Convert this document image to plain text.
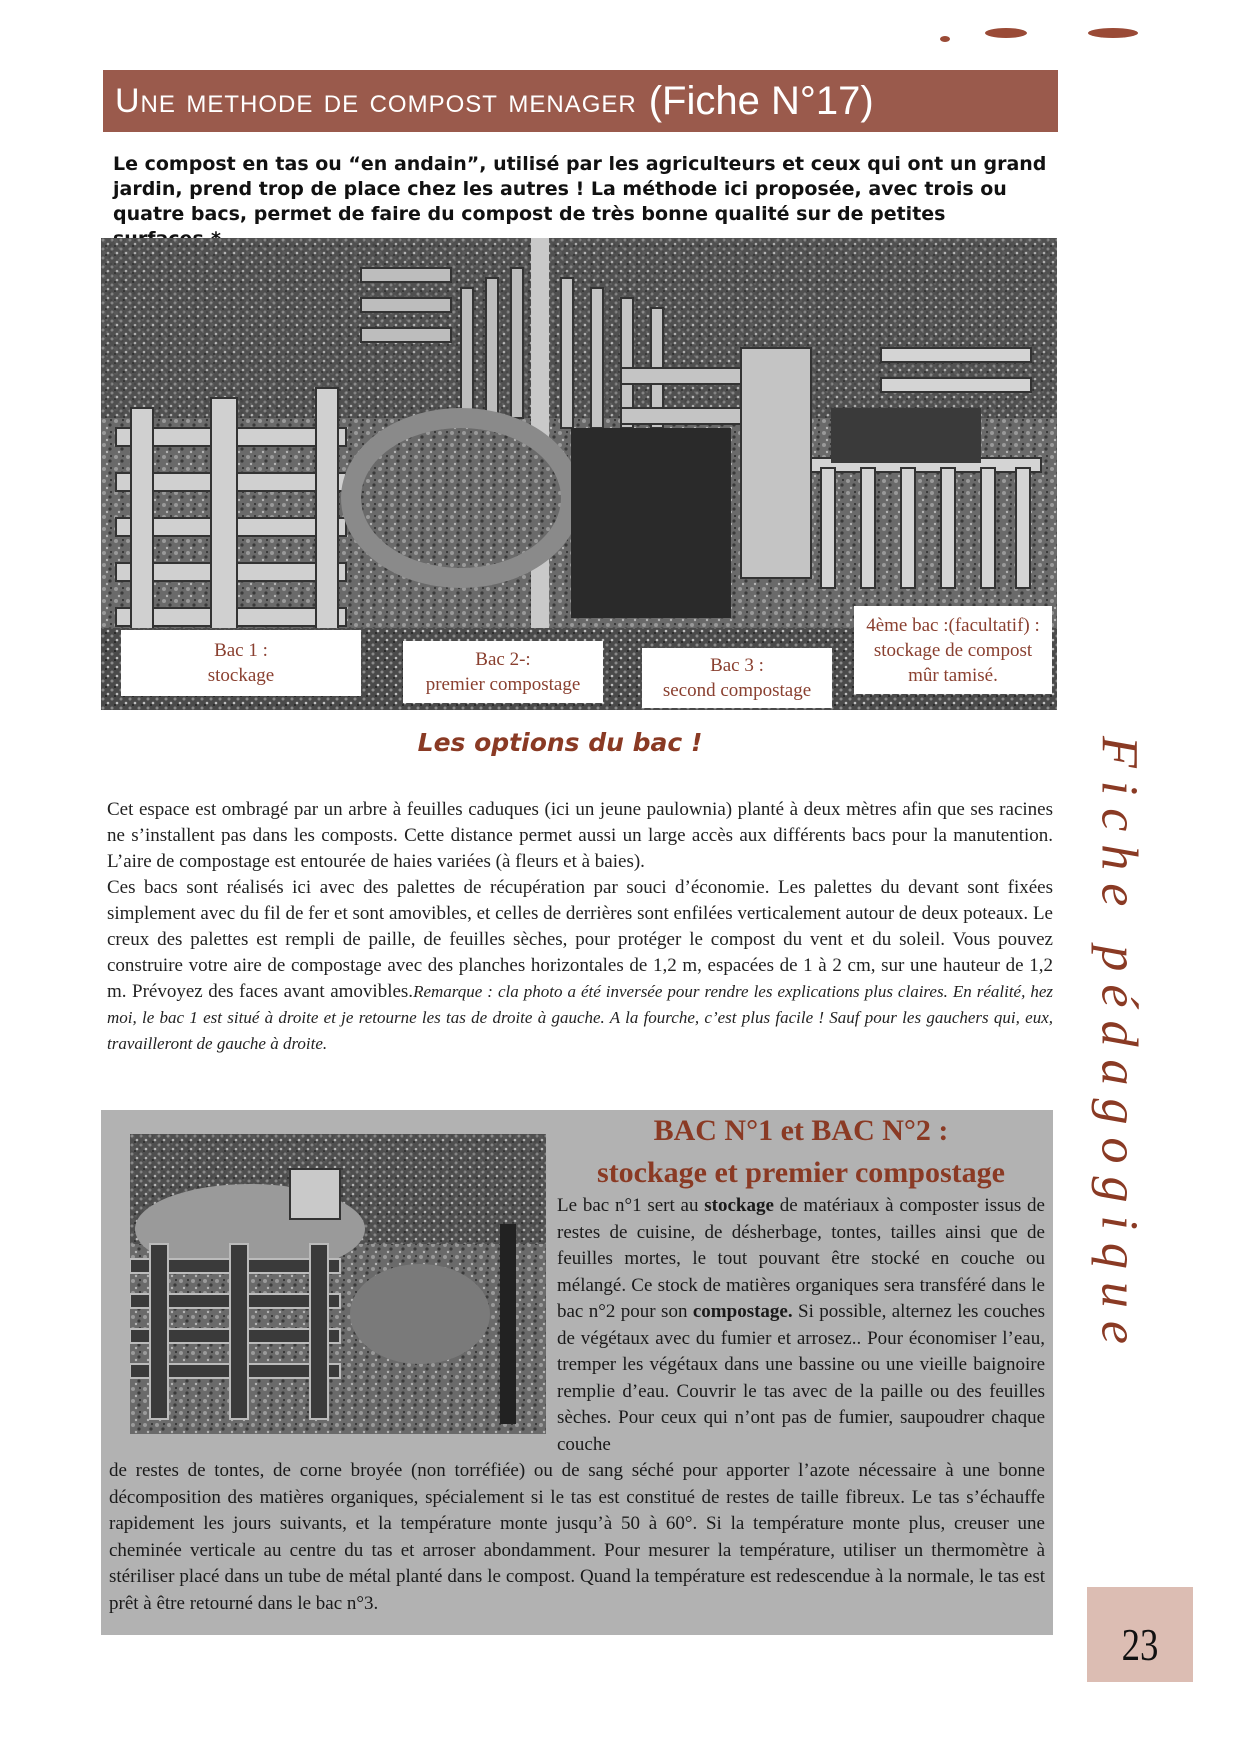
Une methode de compost menager (Fiche N°17)
Le compost en tas ou “en andain”, utilisé par les agriculteurs et ceux qui ont un grand jardin, prend trop de place chez les autres ! La méthode ici proposée, avec trois ou quatre bacs, permet de faire du compost de très bonne qualité sur de petites
Bac 1 :
stockage
Bac 2-:
premier compostage
Bac 3 :
second compostage
4ème bac :(facultatif) :
stockage de compost
mûr tamisé.
Les options du bac !

Cet espace est ombragé par un arbre à feuilles caduques (ici un jeune paulownia) planté à deux mètres afin que ses racines ne s’installent pas dans les composts. Cette distance permet aussi un large accès aux différents bacs pour la manutention. L’aire de compostage est entourée de haies variées (à fleurs et à baies).

Ces bacs sont réalisés ici avec des palettes de récupération par souci d’économie. Les palettes du devant sont fixées simplement avec du fil de fer et sont amovibles, et celles de derrières sont enfilées verticalement autour de deux poteaux. Le creux des palettes est rempli de paille, de feuilles sèches, pour protéger le compost du vent et du soleil. Vous pouvez construire votre aire de compostage avec des planches horizontales de 1,2 m, espacées de 1 à 2 cm, sur une hauteur de 1,2 m. Prévoyez des faces avant amovibles.Remarque : cla photo a été inversée pour rendre les explications plus claires. En réalité, hez moi, le bac 1 est situé à droite et je retourne les tas de droite à gauche. A la fourche, c’est plus facile ! Sauf pour les gauchers qui, eux, travailleront de gauche à droite.

BAC N°1 et BAC N°2 :
stockage et premier compostage

Le bac n°1 sert au stockage de matériaux à composter issus de restes de cuisine, de désherbage, tontes, tailles ainsi que de feuilles mortes, le tout pouvant être stocké en couche ou mélangé. Ce stock de matières organiques sera transféré dans le bac n°2 pour son compostage. Si possible, alternez les couches de végétaux avec du fumier et arrosez.. Pour économiser l’eau, tremper les végétaux dans une bassine ou une vieille baignoire remplie d’eau. Couvrir le tas avec de la paille ou des feuilles sèches. Pour ceux qui n’ont pas de fumier, saupoudrer chaque couche

de restes de tontes, de corne broyée (non torréfiée) ou de sang séché pour apporter l’azote nécessaire à une bonne décomposition des matières organiques, spécialement si le tas est constitué de restes de taille fibreux. Le tas s’échauffe rapidement les jours suivants, et la température monte jusqu’à 50 à 60°. Si la température monte plus, creuser une cheminée verticale au centre du tas et arroser abondamment. Pour mesurer la température, utiliser un thermomètre à stériliser placé dans un tube de métal planté dans le compost. Quand la température est redescendue à la normale, le tas est prêt à être retourné dans le bac n°3.

Fiche pédagogique
23
